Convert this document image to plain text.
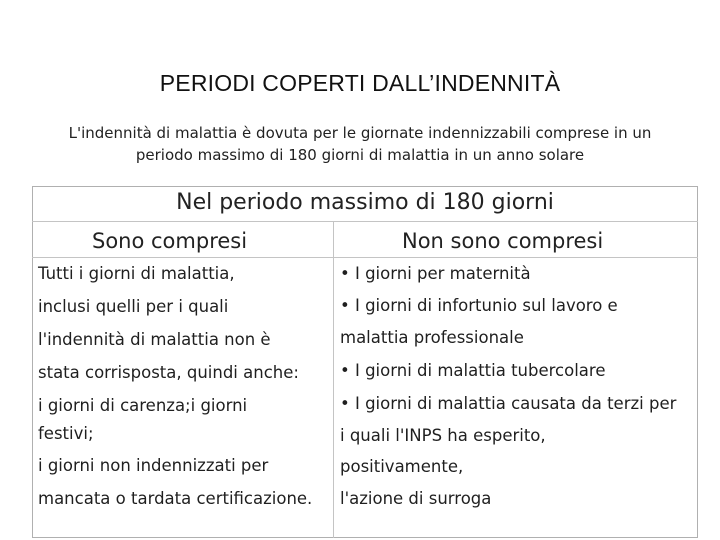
PERIODI COPERTI DALL’INDENNITÀ
L'indennità di malattia è dovuta per le giornate indennizzabili comprese in un
periodo massimo di 180 giorni di malattia in un anno solare
Nel periodo massimo di 180 giorni
Sono compresi	Non sono compresi
Tutti i giorni di malattia,
inclusi quelli per i quali
l'indennità di malattia non è
stata corrisposta, quindi anche:
i giorni di carenza;i giorni
festivi;
i giorni non indennizzati per
mancata o tardata certificazione.
• I giorni per maternità
• I giorni di infortunio sul lavoro e
malattia professionale
• I giorni di malattia tubercolare
• I giorni di malattia causata da terzi per
i quali l'INPS ha esperito,
positivamente,
l'azione di surroga
